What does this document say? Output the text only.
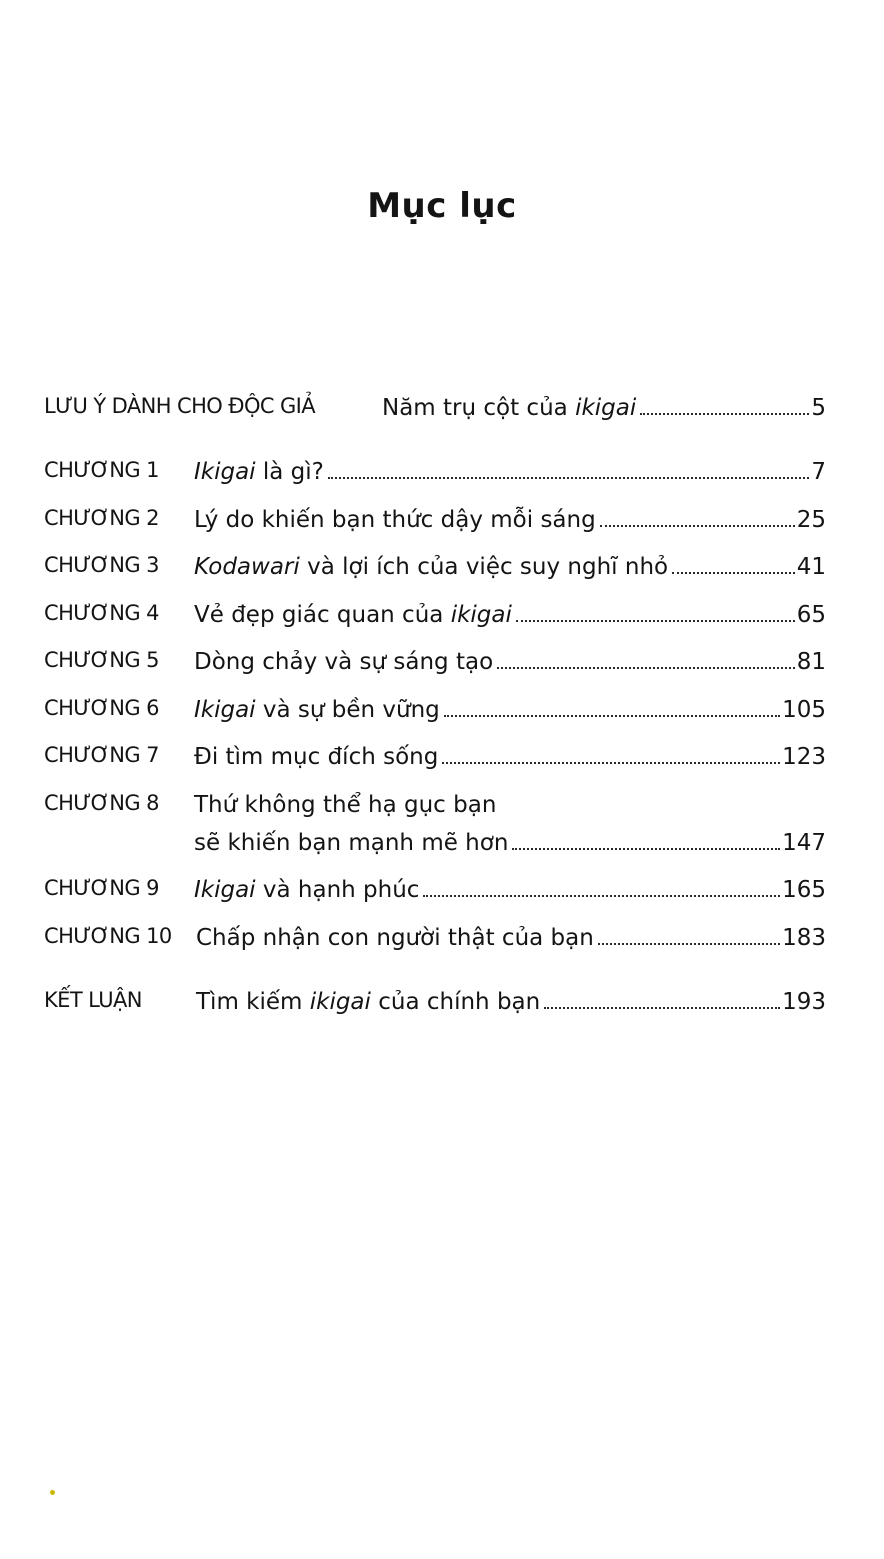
Mục lục
LƯU Ý DÀNH CHO ĐỘC GIẢ	Năm trụ cột của ikigai	5
CHƯƠNG 1 Ikigai là gì?	7
CHƯƠNG 2 Lý do khiến bạn thức dậy mỗi sáng	25
CHƯƠNG 3 Kodawari và lợi ích của việc suy nghĩ nhỏ	41
CHƯƠNG 4 Vẻ đẹp giác quan của ikigai	65
CHƯƠNG 5 Dòng chảy và sự sáng tạo	81
CHƯƠNG 6 Ikigai và sự bền vững	105
CHƯƠNG 7 Đi tìm mục đích sống	123
CHƯƠNG 8 Thứ không thể hạ gục bạn
sẽ khiến bạn mạnh mẽ hơn	147
CHƯƠNG 9 Ikigai và hạnh phúc	165
CHƯƠNG 10 Chấp nhận con người thật của bạn	183
KẾT LUẬN Tìm kiếm ikigai của chính bạn	193
